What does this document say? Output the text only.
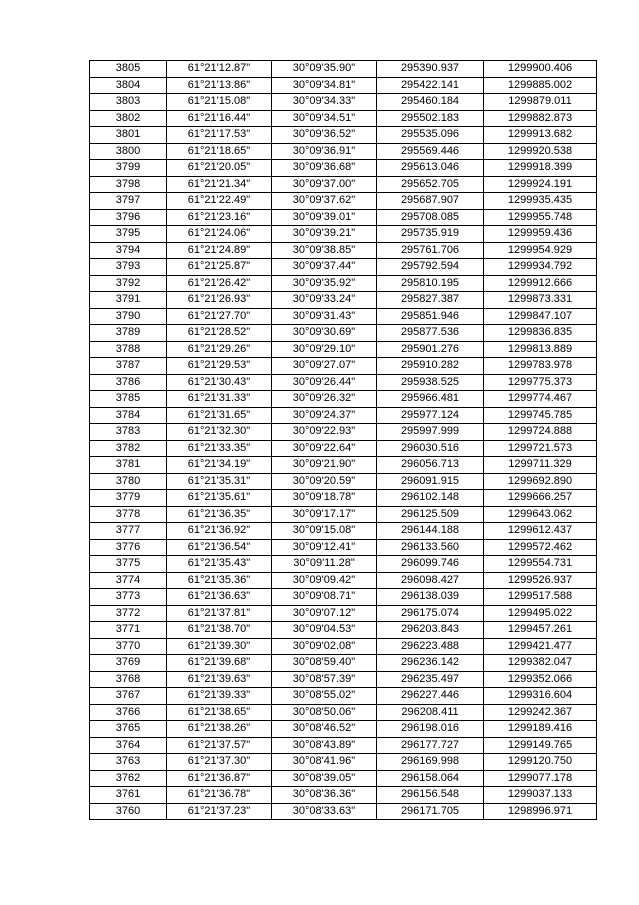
3805	61°21'12.87"	30°09'35.90"	295390.937	1299900.406
3804	61°21'13.86"	30°09'34.81"	295422.141	1299885.002
3803	61°21'15.08"	30°09'34.33"	295460.184	1299879.011
3802	61°21'16.44"	30°09'34.51"	295502.183	1299882.873
3801	61°21'17.53"	30°09'36.52"	295535.096	1299913.682
3800	61°21'18.65"	30°09'36.91"	295569.446	1299920.538
3799	61°21'20.05"	30°09'36.68"	295613.046	1299918.399
3798	61°21'21.34"	30°09'37.00"	295652.705	1299924.191
3797	61°21'22.49"	30°09'37.62"	295687.907	1299935.435
3796	61°21'23.16"	30°09'39.01"	295708.085	1299955.748
3795	61°21'24.06"	30°09'39.21"	295735.919	1299959.436
3794	61°21'24.89"	30°09'38.85"	295761.706	1299954.929
3793	61°21'25.87"	30°09'37.44"	295792.594	1299934.792
3792	61°21'26.42"	30°09'35.92"	295810.195	1299912.666
3791	61°21'26.93"	30°09'33.24"	295827.387	1299873.331
3790	61°21'27.70"	30°09'31.43"	295851.946	1299847.107
3789	61°21'28.52"	30°09'30.69"	295877.536	1299836.835
3788	61°21'29.26"	30°09'29.10"	295901.276	1299813.889
3787	61°21'29.53"	30°09'27.07"	295910.282	1299783.978
3786	61°21'30.43"	30°09'26.44"	295938.525	1299775.373
3785	61°21'31.33"	30°09'26.32"	295966.481	1299774.467
3784	61°21'31.65"	30°09'24.37"	295977.124	1299745.785
3783	61°21'32.30"	30°09'22.93"	295997.999	1299724.888
3782	61°21'33.35"	30°09'22.64"	296030.516	1299721.573
3781	61°21'34.19"	30°09'21.90"	296056.713	1299711.329
3780	61°21'35.31"	30°09'20.59"	296091.915	1299692.890
3779	61°21'35.61"	30°09'18.78"	296102.148	1299666.257
3778	61°21'36.35"	30°09'17.17"	296125.509	1299643.062
3777	61°21'36.92"	30°09'15.08"	296144.188	1299612.437
3776	61°21'36.54"	30°09'12.41"	296133.560	1299572.462
3775	61°21'35.43"	30°09'11.28"	296099.746	1299554.731
3774	61°21'35.36"	30°09'09.42"	296098.427	1299526.937
3773	61°21'36.63"	30°09'08.71"	296138.039	1299517.588
3772	61°21'37.81"	30°09'07.12"	296175.074	1299495.022
3771	61°21'38.70"	30°09'04.53"	296203.843	1299457.261
3770	61°21'39.30"	30°09'02.08"	296223.488	1299421.477
3769	61°21'39.68"	30°08'59.40"	296236.142	1299382.047
3768	61°21'39.63"	30°08'57.39"	296235.497	1299352.066
3767	61°21'39.33"	30°08'55.02"	296227.446	1299316.604
3766	61°21'38.65"	30°08'50.06"	296208.411	1299242.367
3765	61°21'38.26"	30°08'46.52"	296198.016	1299189.416
3764	61°21'37.57"	30°08'43.89"	296177.727	1299149.765
3763	61°21'37.30"	30°08'41.96"	296169.998	1299120.750
3762	61°21'36.87"	30°08'39.05"	296158.064	1299077.178
3761	61°21'36.78"	30°08'36.36"	296156.548	1299037.133
3760	61°21'37.23"	30°08'33.63"	296171.705	1298996.971
